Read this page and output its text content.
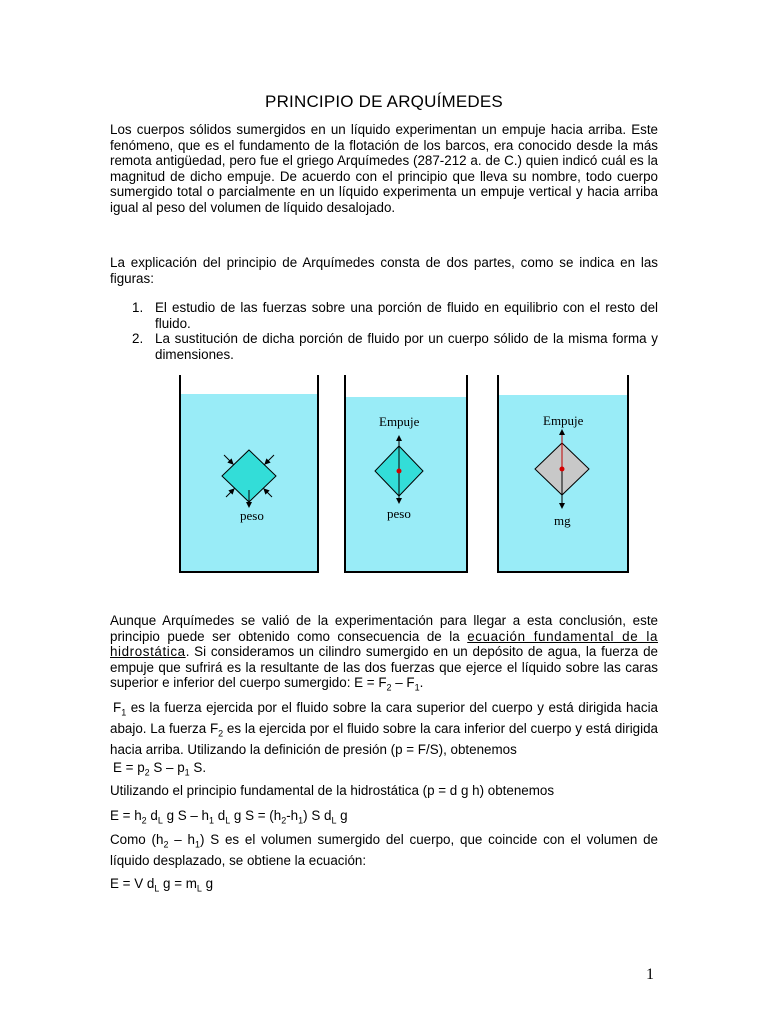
PRINCIPIO DE ARQUÍMEDES

Los cuerpos sólidos sumergidos en un líquido experimentan un empuje hacia arriba. Este fenómeno, que es el fundamento de la flotación de los barcos, era conocido desde la más remota antigüedad, pero fue el griego Arquímedes (287-212 a. de C.) quien indicó cuál es la magnitud de dicho empuje. De acuerdo con el principio que lleva su nombre, todo cuerpo sumergido total o parcialmente en un líquido experimenta un empuje vertical y hacia arriba igual al peso del volumen de líquido desalojado.

La explicación del principio de Arquímedes consta de dos partes, como se indica en las figuras:

1. El estudio de las fuerzas sobre una porción de fluido en equilibrio con el resto del fluido.
2. La sustitución de dicha porción de fluido por un cuerpo sólido de la misma forma y dimensiones.
peso
Empuje
peso
Empuje
mg

Aunque Arquímedes se valió de la experimentación para llegar a esta conclusión, este principio puede ser obtenido como consecuencia de la ecuación fundamental de la hidrostática. Si consideramos un cilindro sumergido en un depósito de agua, la fuerza de empuje que sufrirá es la resultante de las dos fuerzas que ejerce el líquido sobre las caras superior e inferior del cuerpo sumergido: $E = F_2 - F_1$.

$F_1$ es la fuerza ejercida por el fluido sobre la cara superior del cuerpo y está dirigida hacia abajo. La fuerza $F_2$ es la ejercida por el fluido sobre la cara inferior del cuerpo y está dirigida hacia arriba. Utilizando la definición de presión (p = F/S), obtenemos

$E = p_2$ S – $p_1$ S.

Utilizando el principio fundamental de la hidrostática (p = d g h) obtenemos

$E = h_2$ $d_L$ g S – $h_1$ $d_L$ g $S = (h_2-h_1)$ S $d_L$ g

Como $(h_2 - h_1)$ S es el volumen sumergido del cuerpo, que coincide con el volumen de líquido desplazado, se obtiene la ecuación:

E = V $d_L$ $g = m_L$ g
1
